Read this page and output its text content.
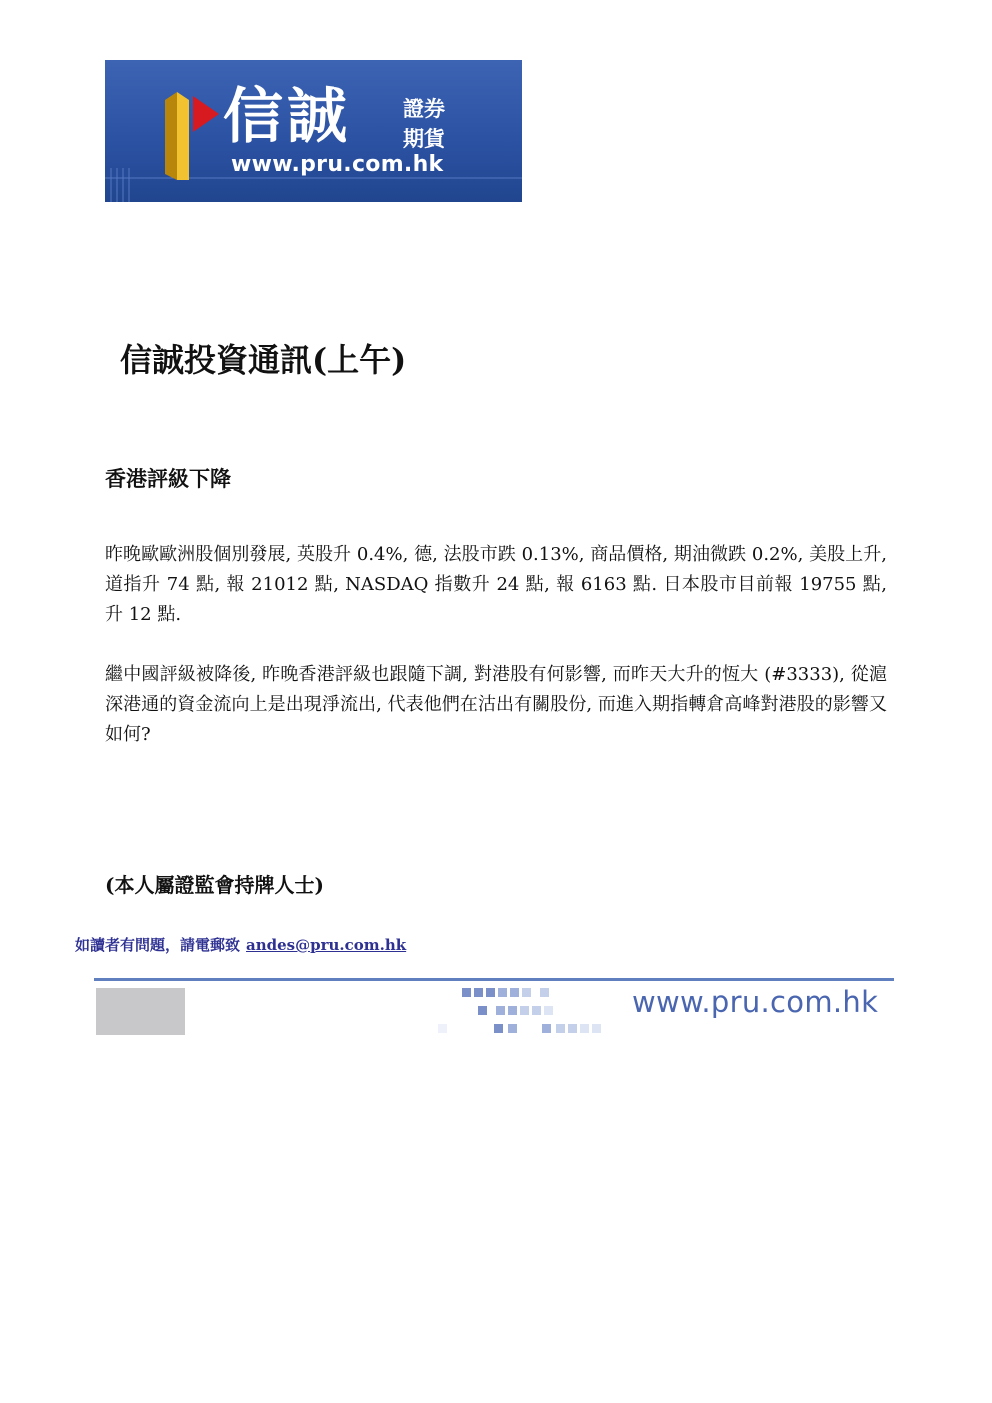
信誠 證券
期貨
www.pru.com.hk
信誠投資通訊(上午)
香港評級下降

昨晚歐歐洲股個別發展, 英股升 0.4%, 德, 法股市跌 0.13%, 商品價格, 期油微跌 0.2%, 美股上升, 道指升 74 點, 報 21012 點, NASDAQ 指數升 24 點, 報 6163 點. 日本股市目前報 19755 點, 升 12 點.

繼中國評級被降後, 昨晚香港評級也跟隨下調, 對港股有何影響, 而昨天大升的恆大 (#3333), 從滬深港通的資金流向上是出現淨流出, 代表他們在沽出有關股份, 而進入期指轉倉高峰對港股的影響又如何?

(本人屬證監會持牌人士)

如讀者有問題，請電郵致 andes@pru.com.hk
www.pru.com.hk
